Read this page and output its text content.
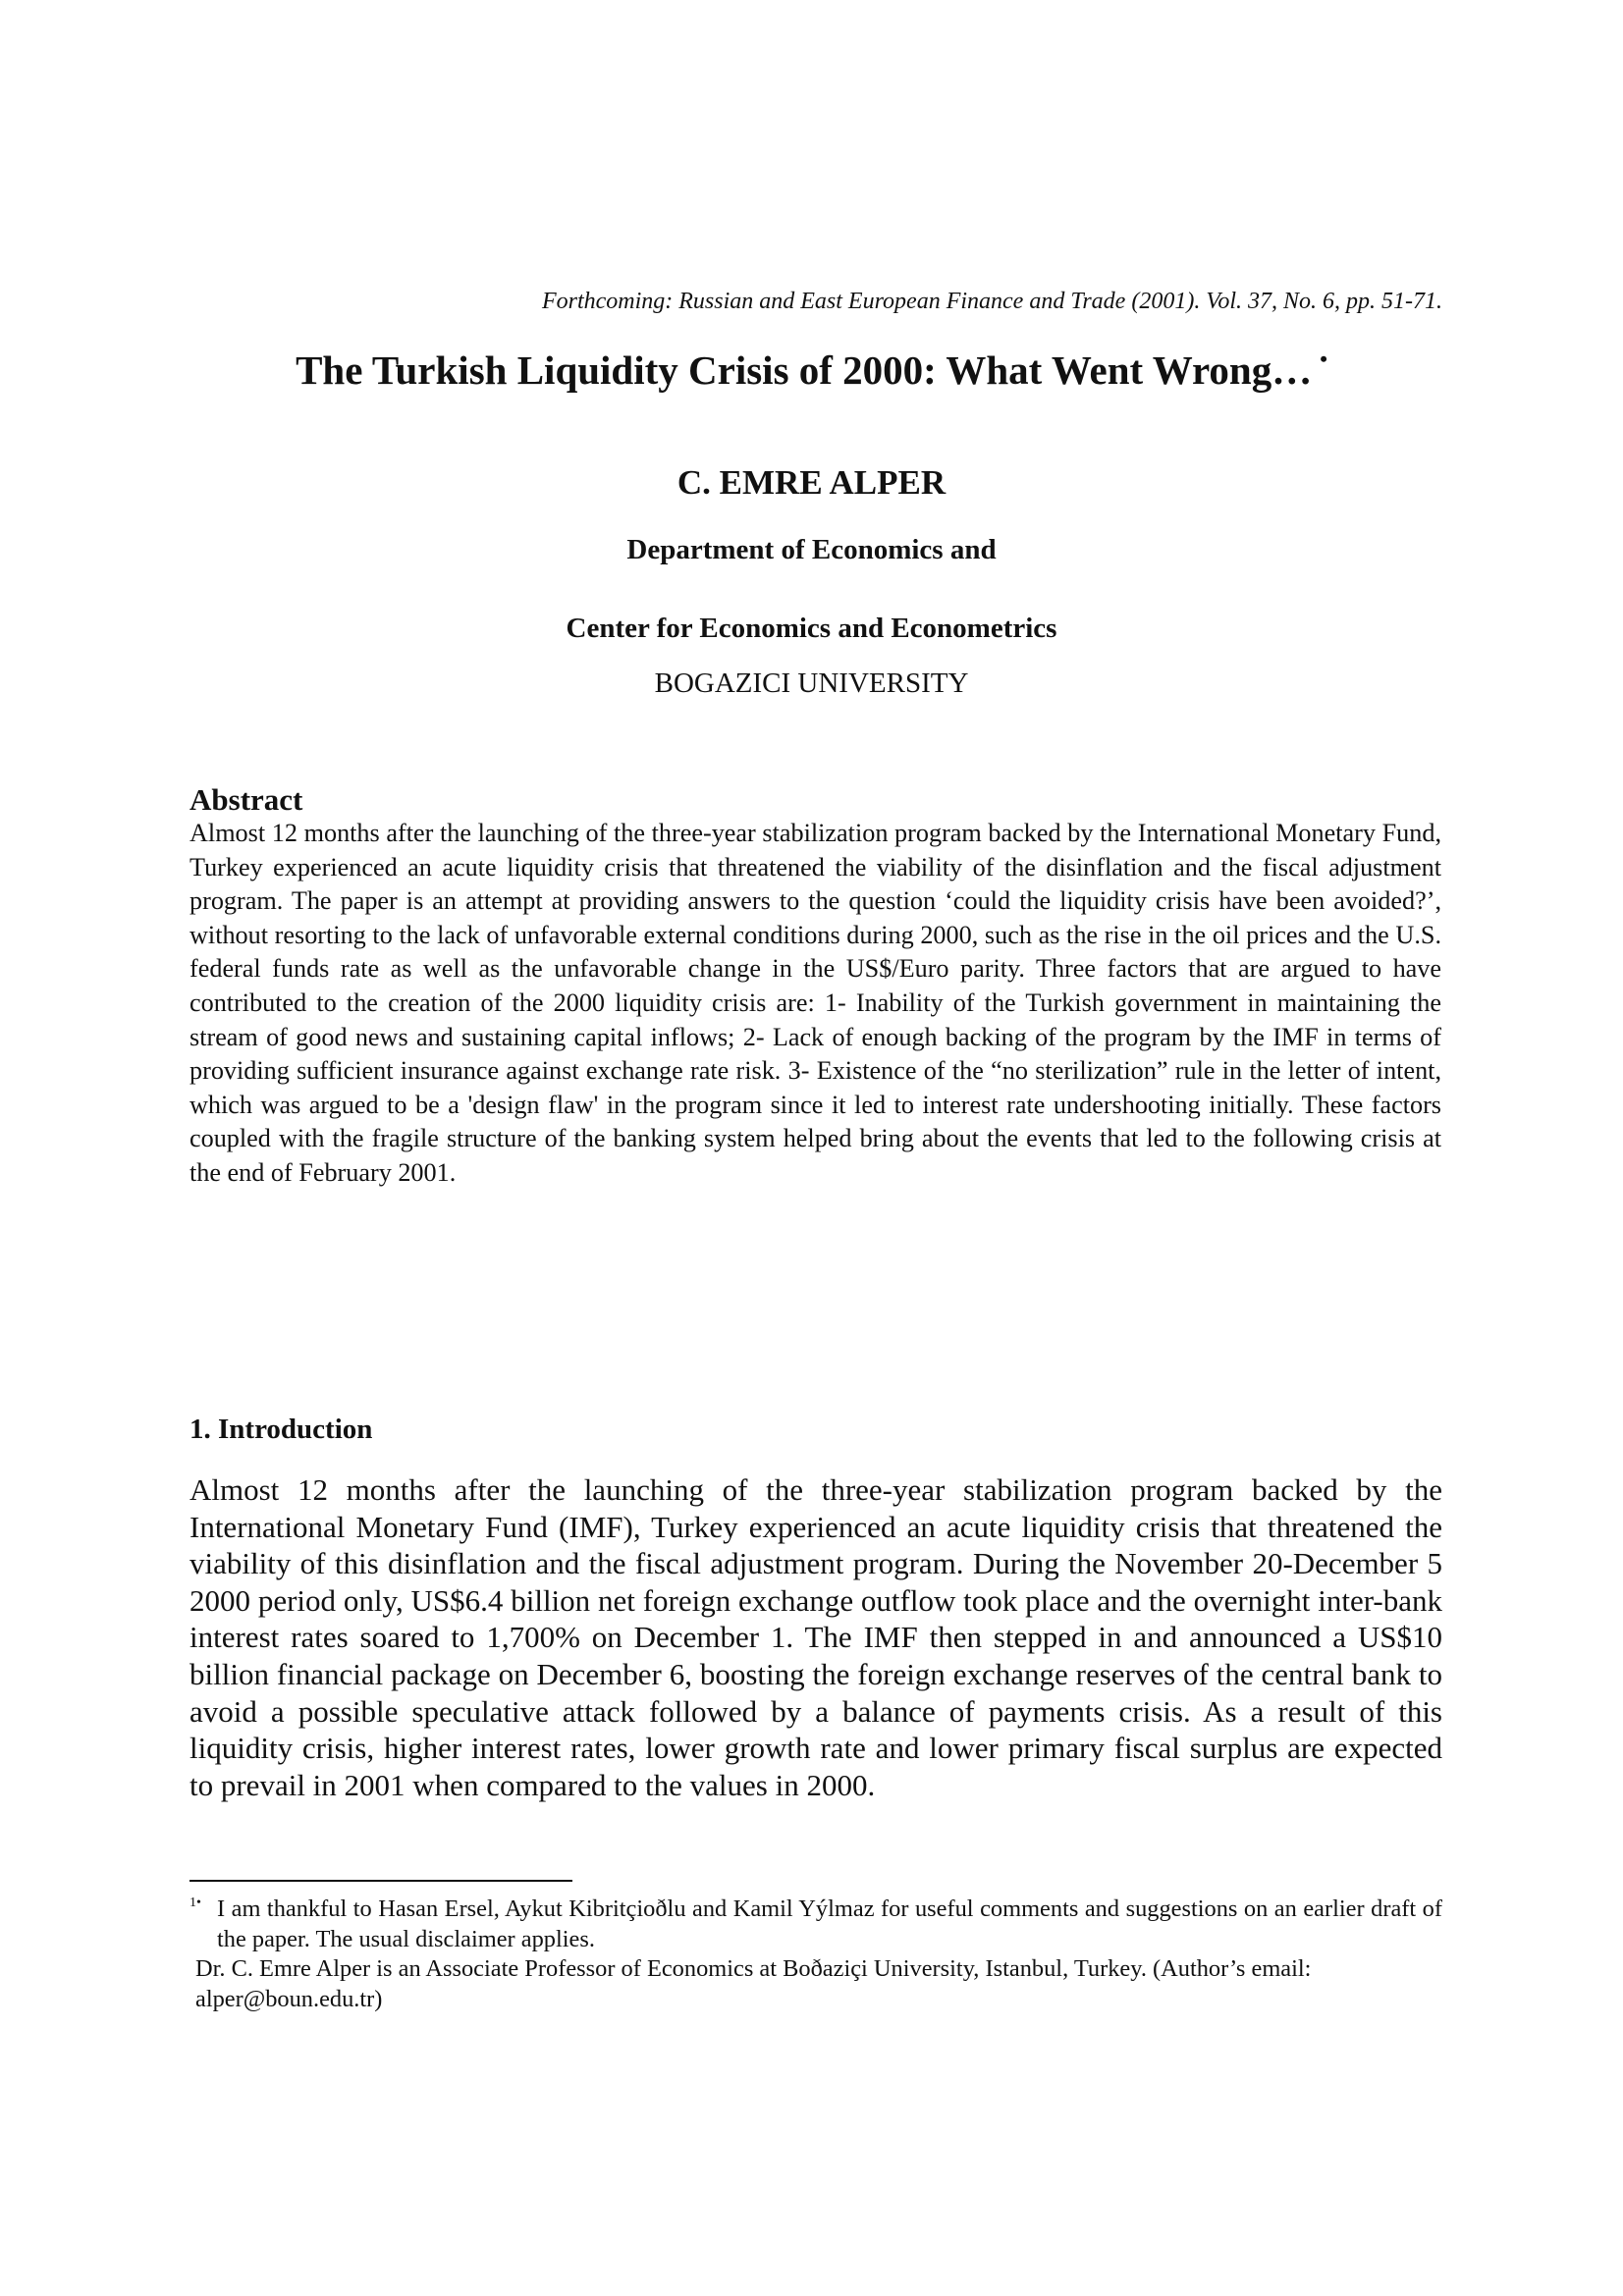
Forthcoming: Russian and East European Finance and Trade (2001). Vol. 37, No. 6, pp. 51-71.
The Turkish Liquidity Crisis of 2000: What Went Wrong… •
C. EMRE ALPER
Department of Economics and
Center for Economics and Econometrics
BOGAZICI UNIVERSITY
Abstract
Almost 12 months after the launching of the three-year stabilization program backed by the International Monetary Fund, Turkey experienced an acute liquidity crisis that threatened the viability of the disinflation and the fiscal adjustment program. The paper is an attempt at providing answers to the question ‘could the liquidity crisis have been avoided?’, without resorting to the lack of unfavorable external conditions during 2000, such as the rise in the oil prices and the U.S. federal funds rate as well as the unfavorable change in the US$/Euro parity. Three factors that are argued to have contributed to the creation of the 2000 liquidity crisis are: 1- Inability of the Turkish government in maintaining the stream of good news and sustaining capital inflows; 2- Lack of enough backing of the program by the IMF in terms of providing sufficient insurance against exchange rate risk. 3- Existence of the “no sterilization” rule in the letter of intent, which was argued to be a 'design flaw' in the program since it led to interest rate undershooting initially. These factors coupled with the fragile structure of the banking system helped bring about the events that led to the following crisis at the end of February 2001.
1. Introduction
Almost 12 months after the launching of the three-year stabilization program backed by the International Monetary Fund (IMF), Turkey experienced an acute liquidity crisis that threatened the viability of this disinflation and the fiscal adjustment program. During the November 20-December 5 2000 period only, US$6.4 billion net foreign exchange outflow took place and the overnight inter-bank interest rates soared to 1,700% on December 1. The IMF then stepped in and announced a US$10 billion financial package on December 6, boosting the foreign exchange reserves of the central bank to avoid a possible speculative attack followed by a balance of payments crisis. As a result of this liquidity crisis, higher interest rates, lower growth rate and lower primary fiscal surplus are expected to prevail in 2001 when compared to the values in 2000.
1• I am thankful to Hasan Ersel, Aykut Kibritçioðlu and Kamil Yýlmaz for useful comments and suggestions on an earlier draft of the paper. The usual disclaimer applies.
Dr. C. Emre Alper is an Associate Professor of Economics at Boðaziçi University, Istanbul, Turkey. (Author’s email: alper@boun.edu.tr)
